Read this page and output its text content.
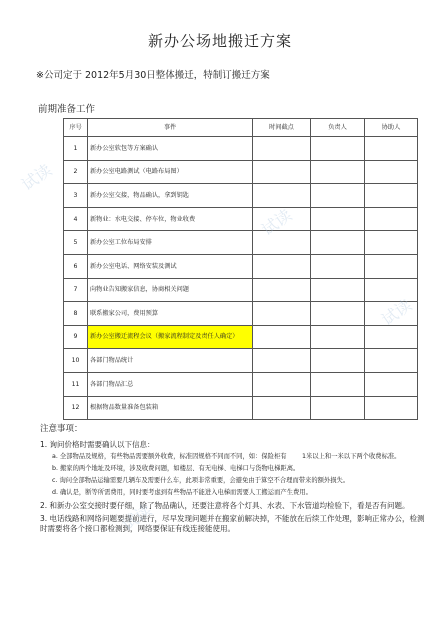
新办公场地搬迁方案
※公司定于 2012年5月30日整体搬迁，特制订搬迁方案
前期准备工作
序号	事件	时间截点	负责人	协助人
1	新办公室软包等方案确认			
2	新办公室电路测试（电路布局图）			
3	新办公室交接，物品确认，拿到钥匙			
4	新物业：水电交接、停车位，物业收费			
5	新办公室工位布局安排			
6	新办公室电话、网络安装及测试			
7	向物业告知搬家信息，协商相关问题			
8	联系搬家公司，费用预算			
9	新办公室搬迁流程会议（搬家流程制定及责任人确定）			
10	各部门物品统计			
11	各部门物品汇总			
12	根据物品数量准备包装箱			
注意事项：
1. 询问价格时需要确认以下信息：
a. 全部物品及规格，有些物品需要额外收费，标准因规格不同而不同，如：保险柜有 1米以上和一米以下两个收费标准。
b. 搬家的两个地址及环境，涉及收费问题，如楼层、有无电梯、电梯口与货物电梯距离。
c. 询问全部物品运输需要几辆车及需要什么车，此项非常重要，会避免由于算空不合理而带来的额外损失。
d. 确认是，断等所需费用，同时要考虑到有些物品不能进入电梯而需要人工搬运而产生费用。
2. 和新办公室交接时要仔细，除了物品确认，还要注意将各个灯具、水表、下水管道均检验下，看是否有问题。
3. 电话线路和网络问题要提前进行，尽早发现问题并在搬家前解决掉，不能放在后续工作处理，影响正常办公，检测时需要将各个接口都检测到，网络要保证有线连接能使用。
试读
试读
试读
试读
